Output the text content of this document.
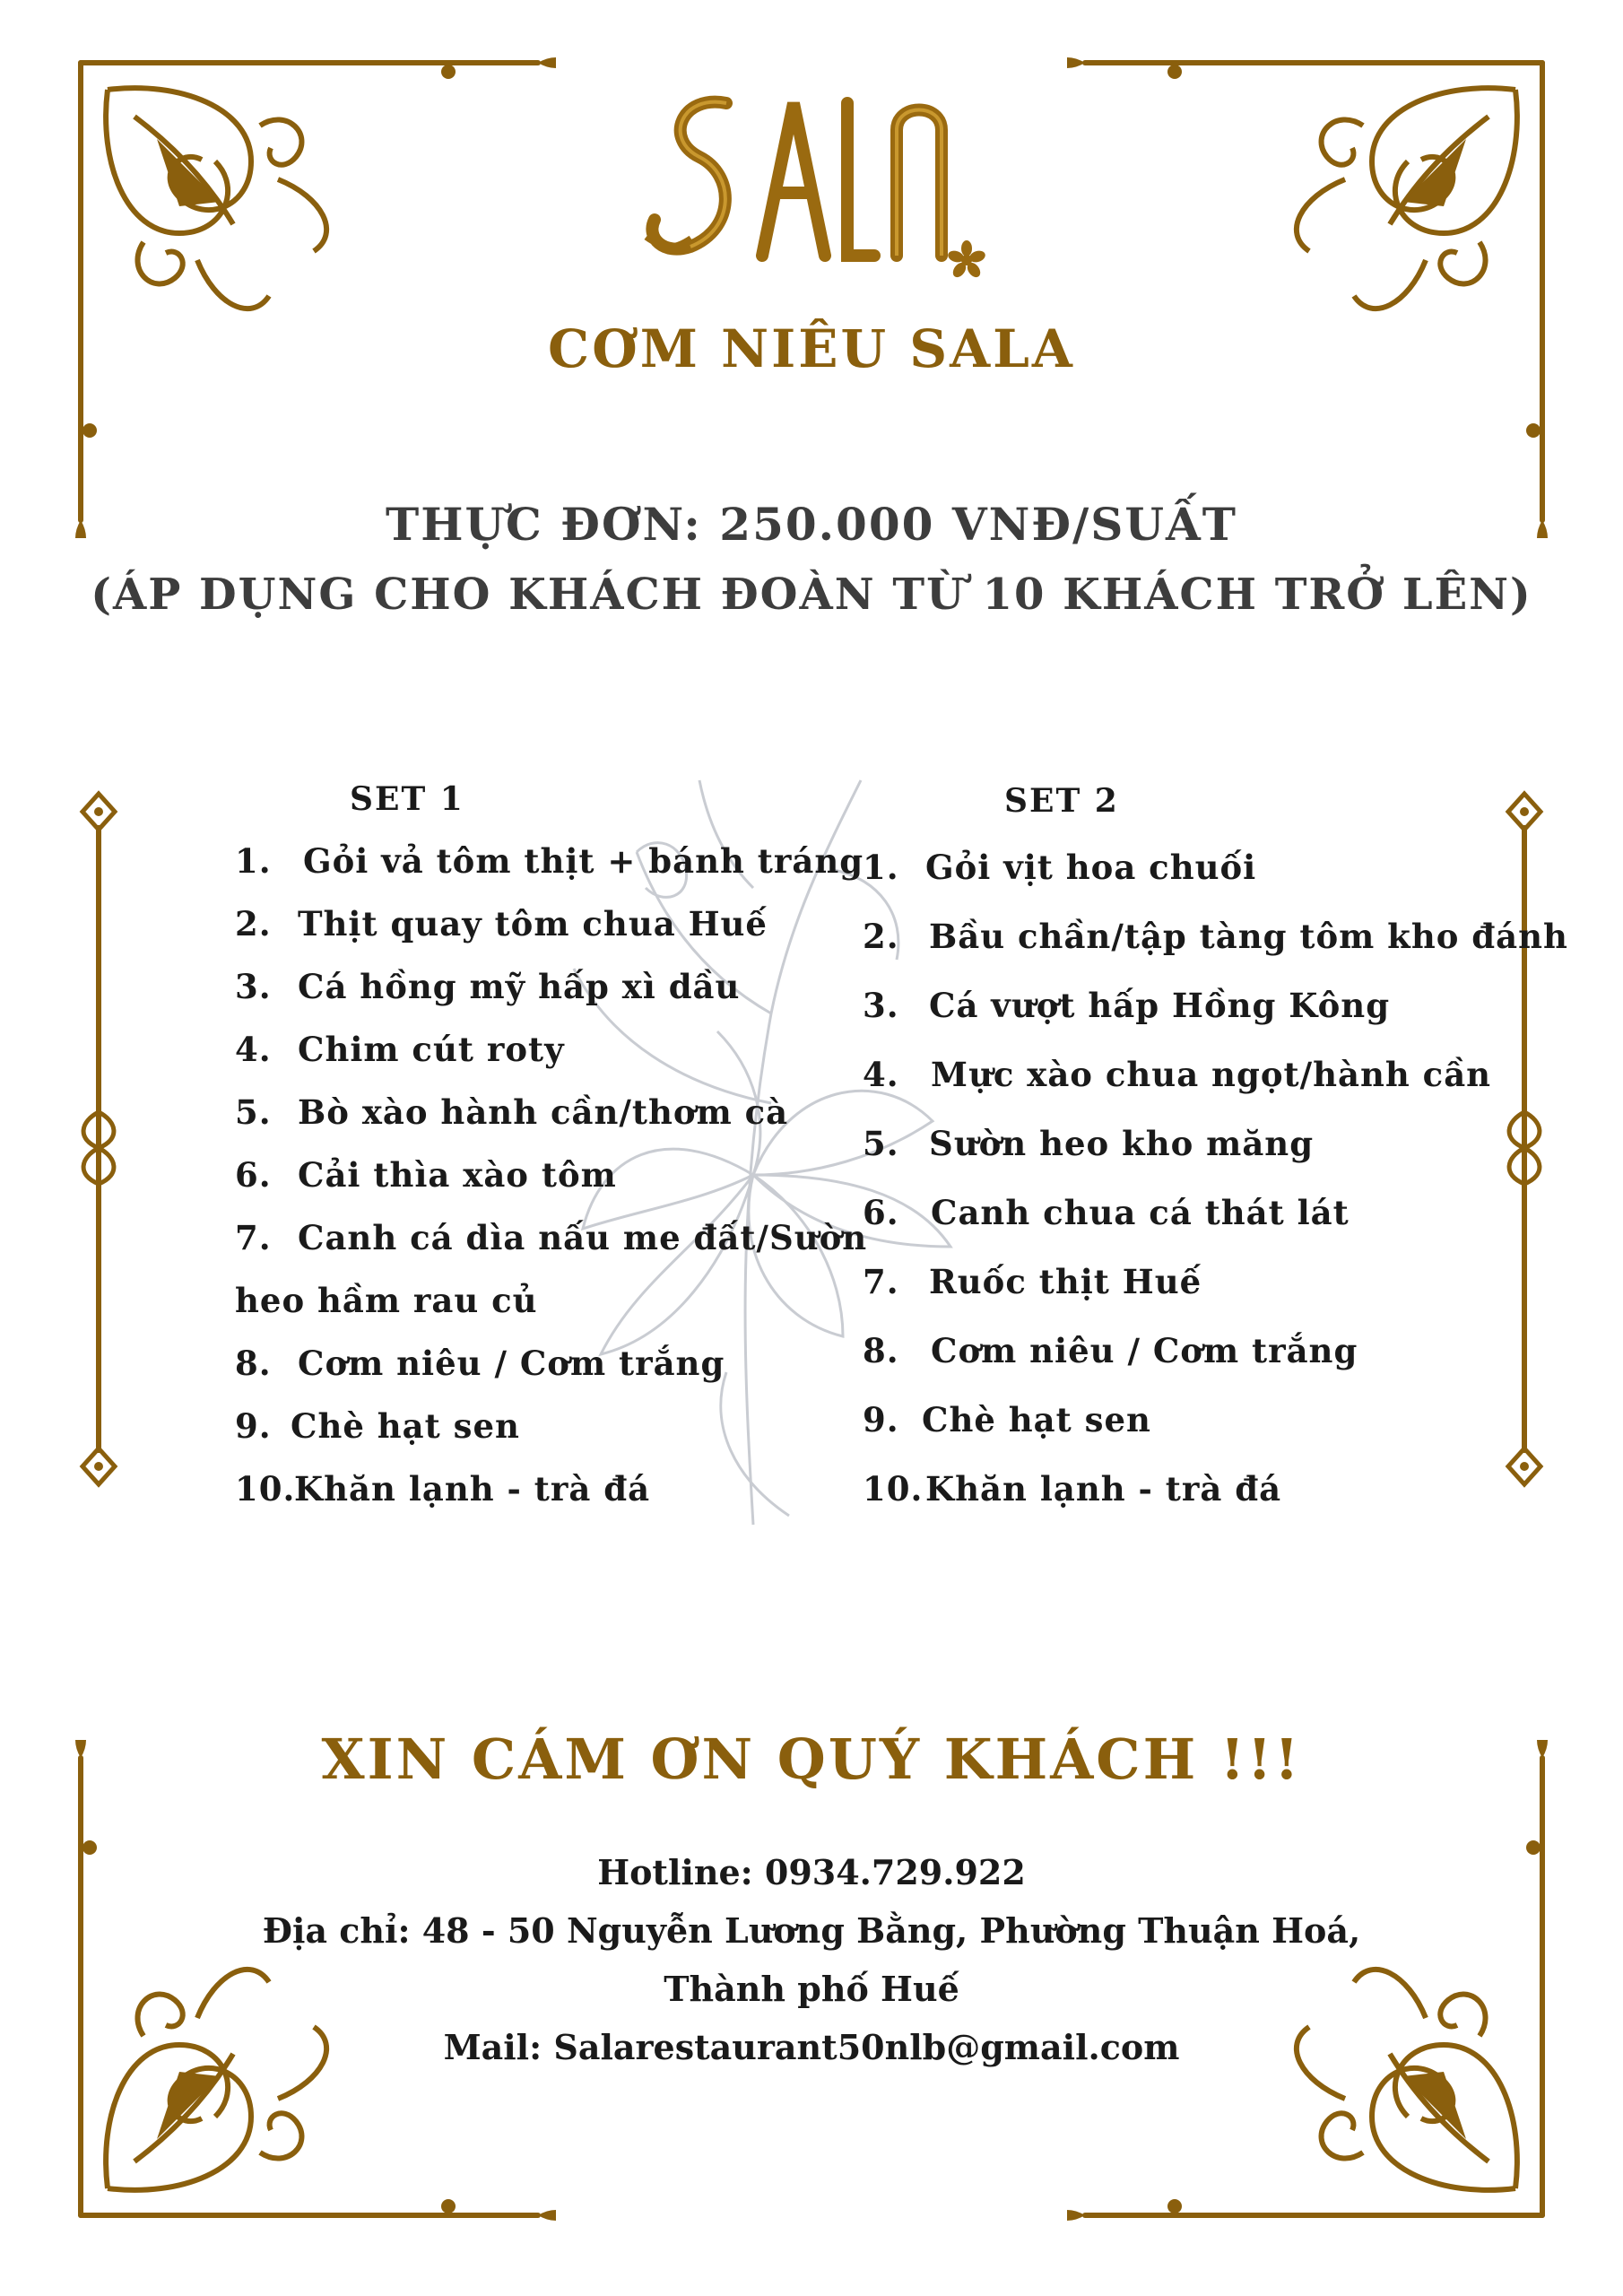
CƠM NIÊU SALA
THỰC ĐƠN: 250.000 VNĐ/SUẤT
(ÁP DỤNG CHO KHÁCH ĐOÀN TỪ 10 KHÁCH TRỞ LÊN)
SET 1
1. Gỏi vả tôm thịt + bánh tráng
2. Thịt quay tôm chua Huế
3. Cá hồng mỹ hấp xì dầu
4. Chim cút roty
5. Bò xào hành cần/thơm cà
6. Cải thìa xào tôm
7. Canh cá dìa nấu me đất/Sườn
heo hầm rau củ
8. Cơm niêu / Cơm trắng
9. Chè hạt sen
10.Khăn lạnh - trà đá
SET 2
1. Gỏi vịt hoa chuối
2. Bầu chần/tập tàng tôm kho đánh
3. Cá vượt hấp Hồng Kông
4. Mực xào chua ngọt/hành cần
5. Sườn heo kho măng
6. Canh chua cá thát lát
7. Ruốc thịt Huế
8. Cơm niêu / Cơm trắng
9. Chè hạt sen
10.Khăn lạnh - trà đá
XIN CÁM ƠN QUÝ KHÁCH !!!
Hotline: 0934.729.922
Địa chỉ: 48 - 50 Nguyễn Lương Bằng, Phường Thuận Hoá,
Thành phố Huế
Mail: Salarestaurant50nlb@gmail.com
